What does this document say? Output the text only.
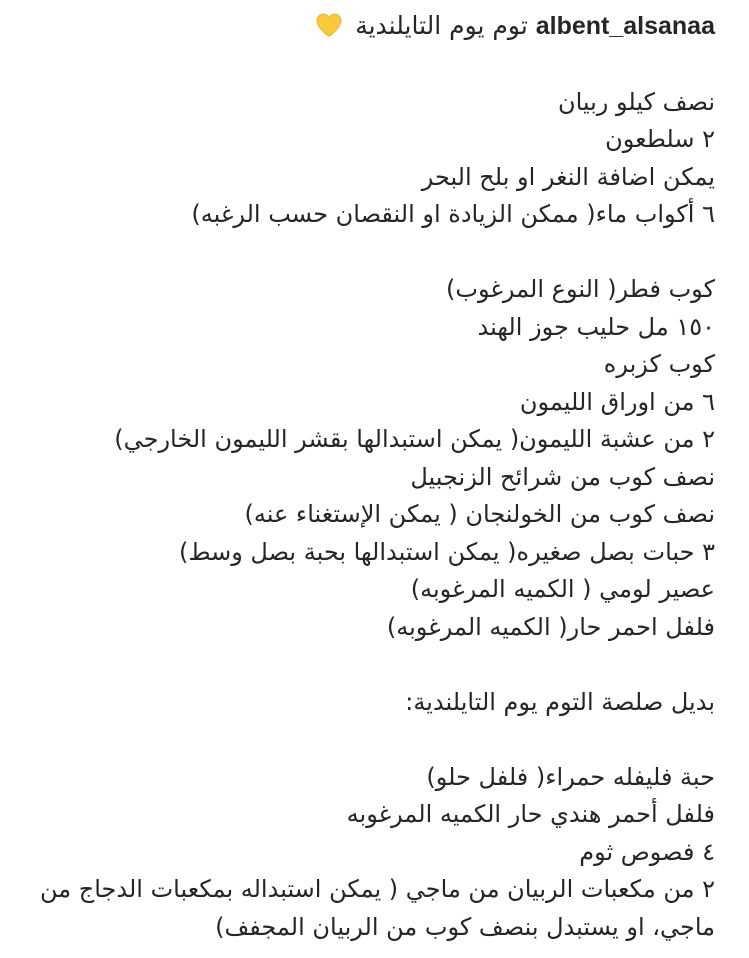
albent_alsanaa توم يوم التايلندية
نصف كيلو ربيان
٢ سلطعون
يمكن اضافة النغر او بلح البحر
٦ أكواب ماء( ممكن الزيادة او النقصان حسب الرغبه)
كوب فطر( النوع المرغوب)
١٥٠ مل حليب جوز الهند
كوب كزبره
٦ من اوراق الليمون
٢ من عشبة الليمون( يمكن استبدالها بقشر الليمون الخارجي)
نصف كوب من شرائح الزنجبيل
نصف كوب من الخولنجان ( يمكن الإستغناء عنه)
٣ حبات بصل صغيره( يمكن استبدالها بحبة بصل وسط)
عصير لومي ( الكميه المرغوبه)
فلفل احمر حار( الكميه المرغوبه)
بديل صلصة التوم يوم التايلندية:
حبة فليفله حمراء( فلفل حلو)
فلفل أحمر هندي حار الكميه المرغوبه
٤ فصوص ثوم
٢ من مكعبات الربيان من ماجي ( يمكن استبداله بمكعبات الدجاج من ماجي، او يستبدل بنصف كوب من الربيان المجفف)
